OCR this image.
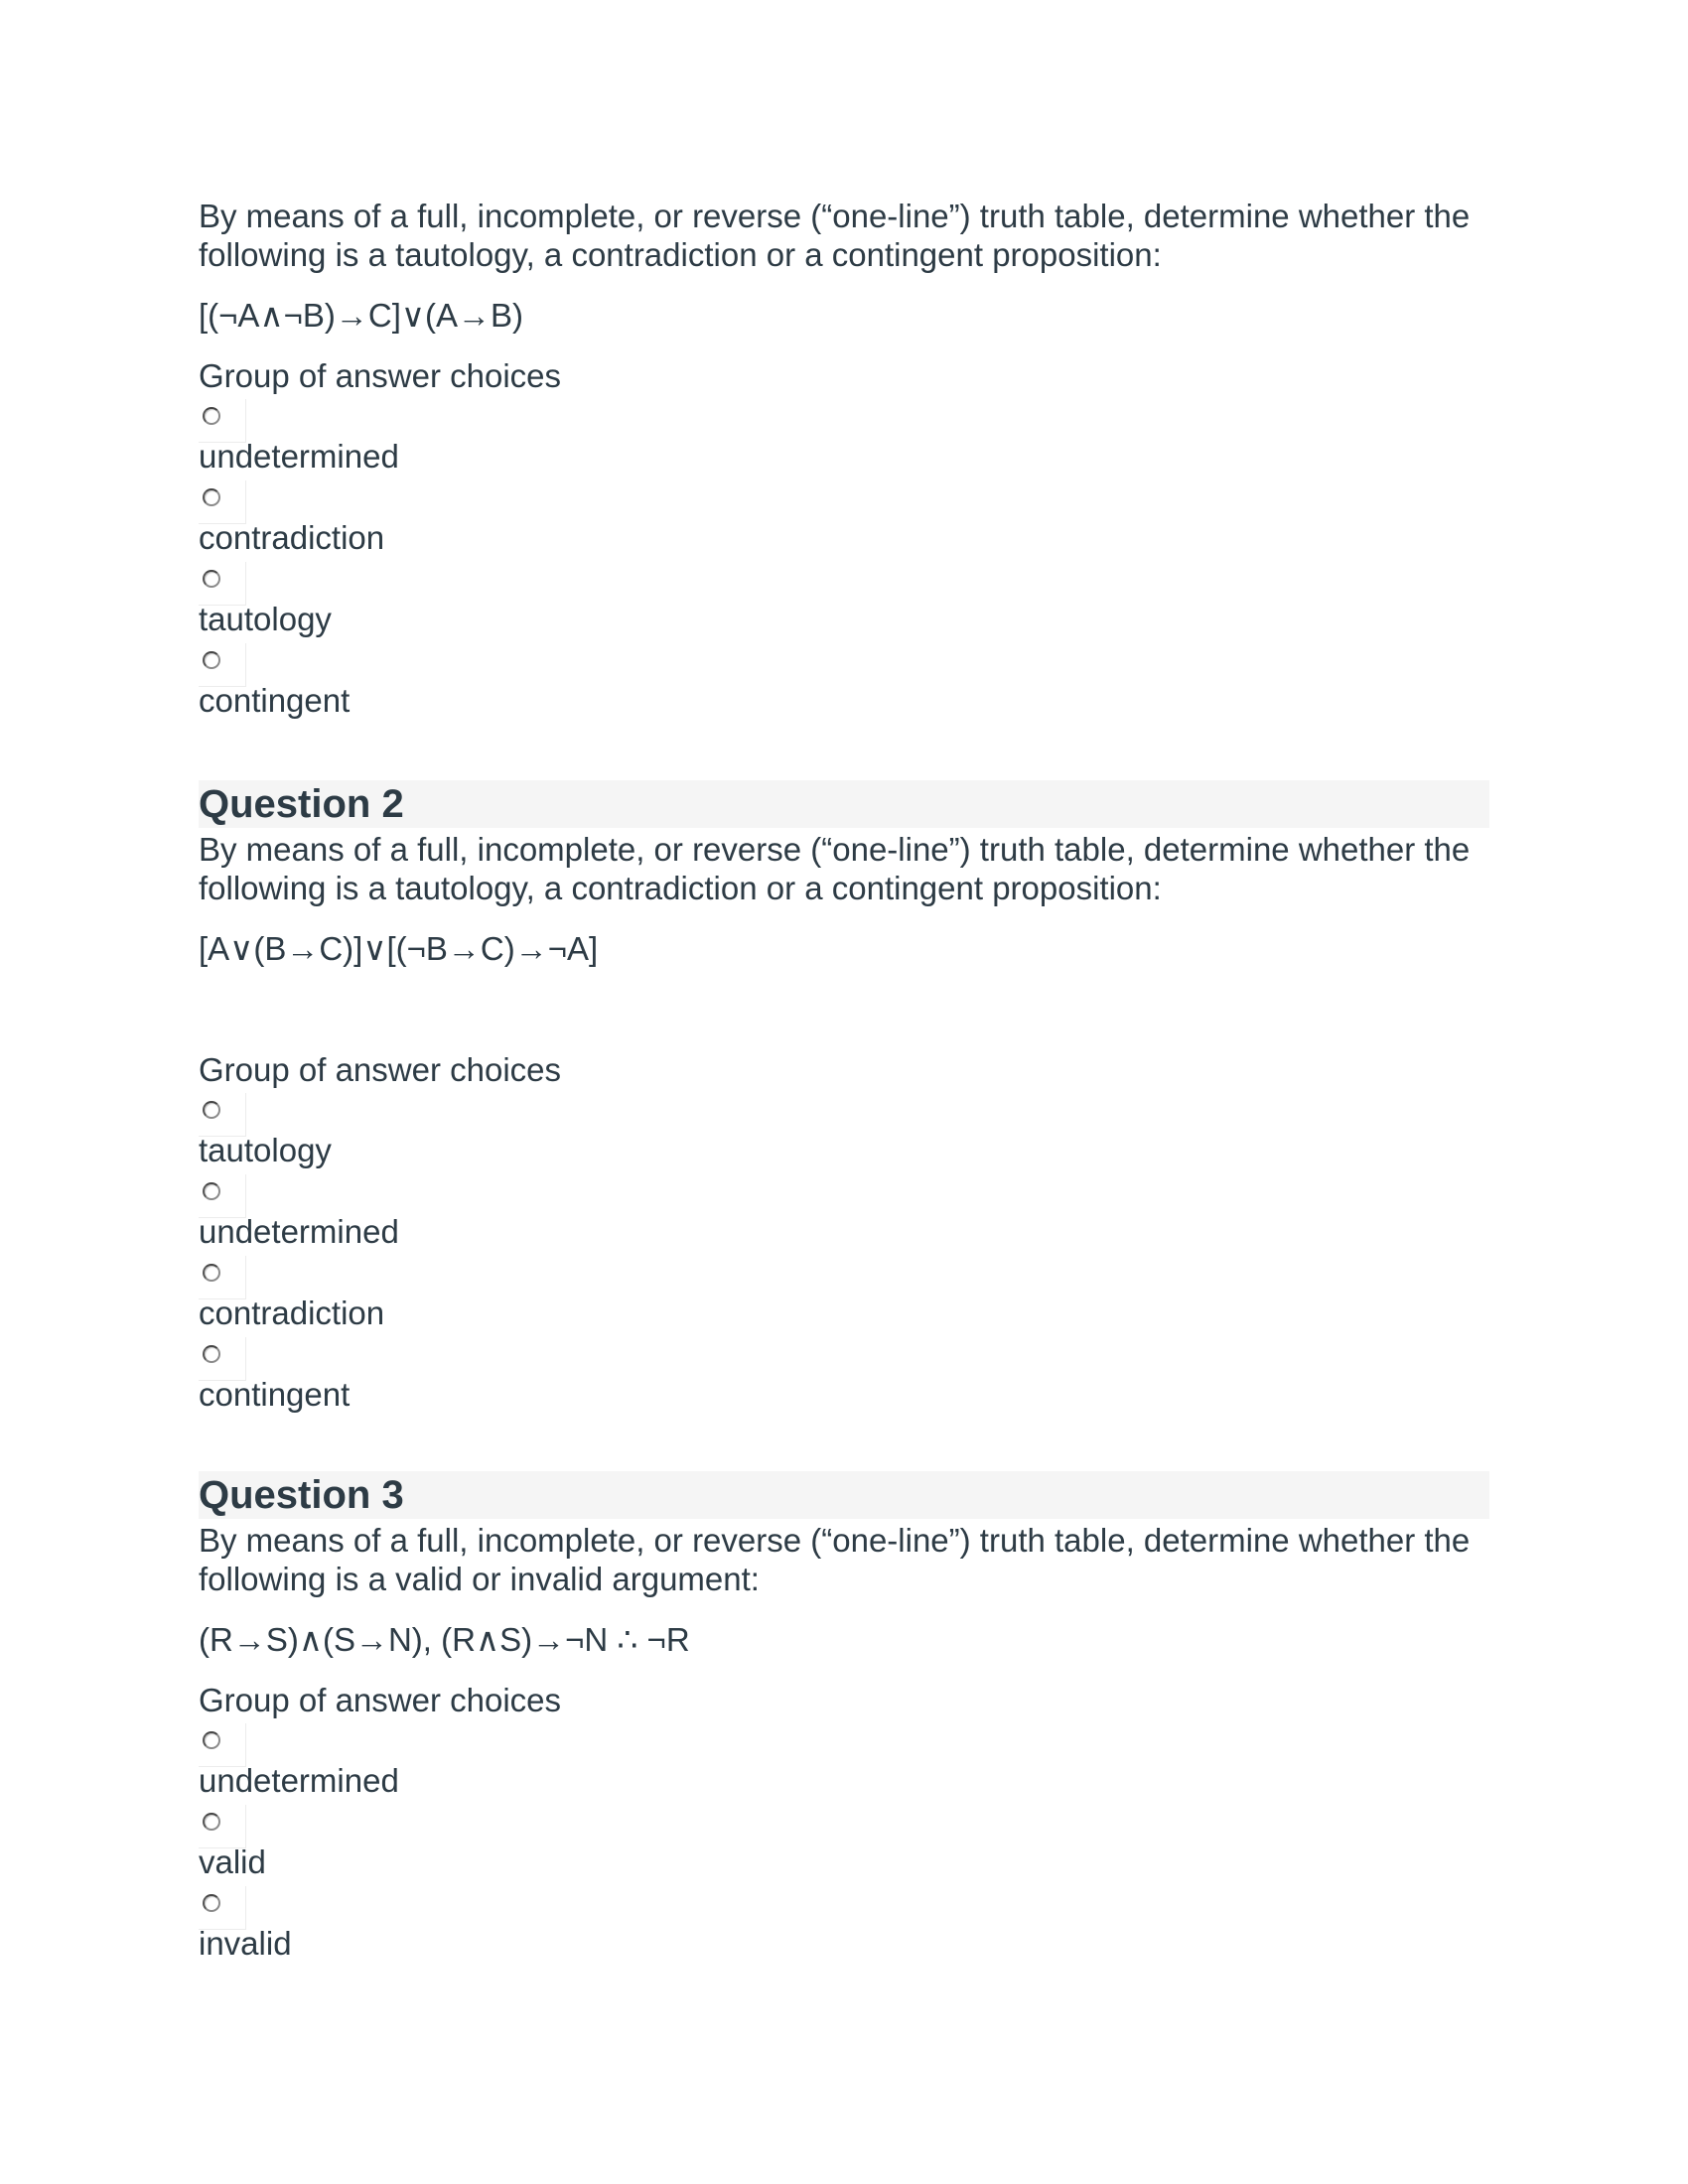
By means of a full, incomplete, or reverse (“one-line”) truth table, determine whether the
following is a tautology, a contradiction or a contingent proposition:
[(¬A∧¬B)→C]∨(A→B)
Group of answer choices
undetermined
contradiction
tautology
contingent
Question 2
By means of a full, incomplete, or reverse (“one-line”) truth table, determine whether the
following is a tautology, a contradiction or a contingent proposition:
[A∨(B→C)]∨[(¬B→C)→¬A]
Group of answer choices
tautology
undetermined
contradiction
contingent
Question 3
By means of a full, incomplete, or reverse (“one-line”) truth table, determine whether the
following is a valid or invalid argument:
(R→S)∧(S→N), (R∧S)→¬N ∴ ¬R
Group of answer choices
undetermined
valid
invalid
